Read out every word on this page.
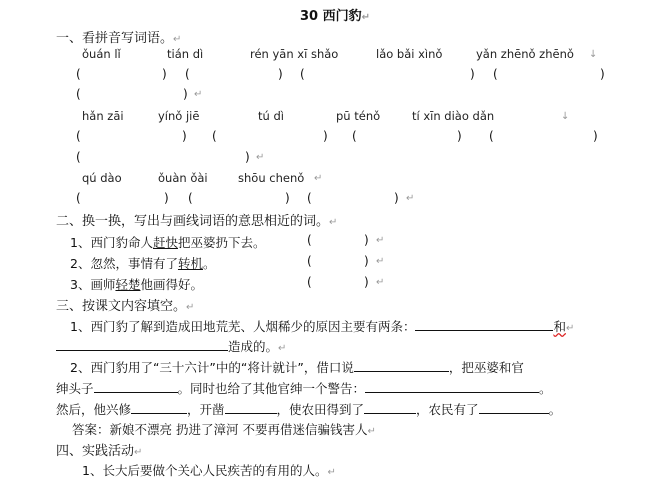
30 西门豹↵
一、看拼音写词语。↵
ǒuán lǐ	tián dì	rén yān xī shǎo	lǎo bǎi xìnǒ	yǎn zhēnǒ zhēnǒ ↓
(	) (	) (	) (	)
(	) ↵
hǎn zāi	yínǒ jiē	tú dì	pū ténǒ	tí xīn diào dǎn	↓
(	) (	) (	) (	)
(	) ↵
qú dào	ǒuàn ǒài	shōu chenǒ ↵
(	) (	) (	) ↵
二、换一换，写出与画线词语的意思相近的词。↵
1、西门豹命人赶快把巫婆扔下去。	(	) ↵
2、忽然，事情有了转机。	(	) ↵
3、画师轻楚他画得好。	(	) ↵
三、按课文内容填空。↵
1、西门豹了解到造成田地荒芜、人烟稀少的原因主要有两条：	和↵
造成的。↵
2、西门豹用了“三十六计”中的“将计就计”，借口说	，把巫婆和官
绅头子	。同时也给了其他官绅一个警告：	。
然后，他兴修	，开凿	，使农田得到了	，农民有了	。
答案：新娘不漂亮 扔进了漳河 不要再借迷信骗钱害人↵
四、实践活动↵
1、长大后要做个关心人民疾苦的有用的人。↵
